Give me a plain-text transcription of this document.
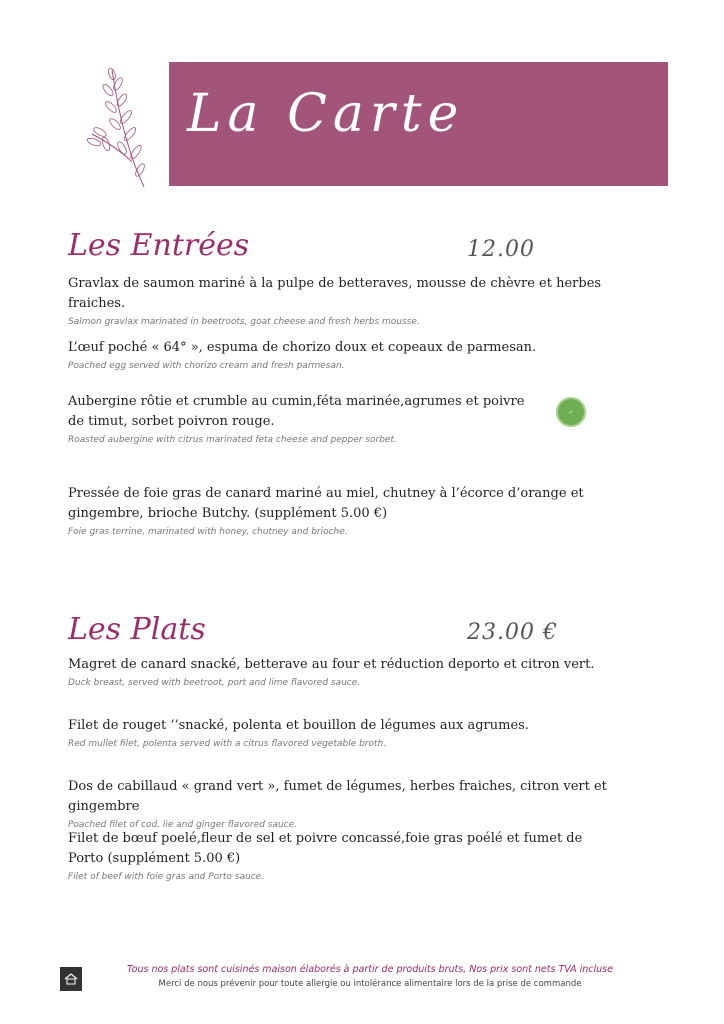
La Carte
Les Entrées	12.00
Gravlax de saumon mariné à la pulpe de betteraves, mousse de chèvre et herbes fraiches.
Salmon gravlax marinated in beetroots, goat cheese and fresh herbs mousse.
L’œuf poché « 64° », espuma de chorizo doux et copeaux de parmesan.
Poached egg served with chorizo cream and fresh parmesan.
Aubergine rôtie et crumble au cumin,féta marinée,agrumes et poivre de timut, sorbet poivron rouge.
Roasted aubergine with citrus marinated feta cheese and pepper sorbet.
✓
Pressée de foie gras de canard mariné au miel, chutney à l’écorce d’orange et gingembre, brioche Butchy. (supplément 5.00 €)
Foie gras terrine, marinated with honey, chutney and brioche.
Les Plats	23.00 €
Magret de canard snacké, betterave au four et réduction deporto et citron vert.
Duck breast, served with beetroot, port and lime flavored sauce.
Filet de rouget ‘’snacké, polenta et bouillon de légumes aux agrumes.
Red mullet filet, polenta served with a citrus flavored vegetable broth.
Dos de cabillaud « grand vert », fumet de légumes, herbes fraiches, citron vert et gingembre
Poached filet of cod, lie and ginger flavored sauce.
Filet de bœuf poelé,fleur de sel et poivre concassé,foie gras poélé et fumet de Porto (supplément 5.00 €)
Filet of beef with foie gras and Porto sauce.
Tous nos plats sont cuisinés maison élaborés à partir de produits bruts, Nos prix sont nets TVA incluse
Merci de nous prévenir pour toute allergie ou intolérance alimentaire lors de la prise de commande
